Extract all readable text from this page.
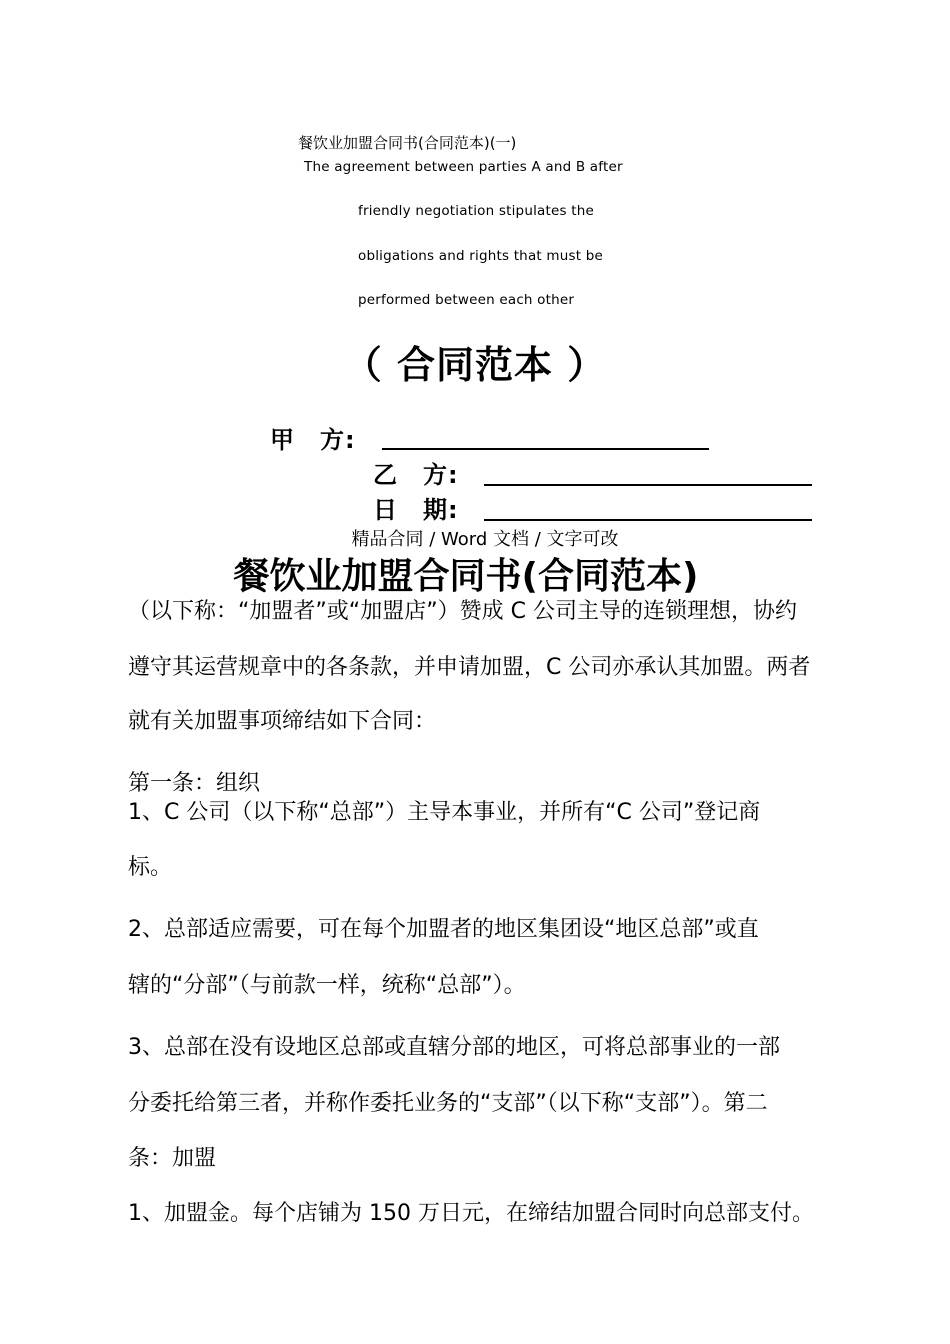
餐饮业加盟合同书(合同范本)(一)
The agreement between parties A and B after
friendly negotiation stipulates the
obligations and rights that must be
performed between each other
（ 合同范本 ）
甲　方:
乙　方:
日　期:
精品合同 / Word 文档 / 文字可改
餐饮业加盟合同书(合同范本)
（以下称：“加盟者”或“加盟店”）赞成 C 公司主导的连锁理想，协约
遵守其运营规章中的各条款，并申请加盟，C 公司亦承认其加盟。两者
就有关加盟事项缔结如下合同：
第一条：组织
1、C 公司（以下称“总部”）主导本事业，并所有“C 公司”登记商
标。
2、总部适应需要，可在每个加盟者的地区集团设“地区总部”或直
辖的“分部”（与前款一样，统称“总部”）。
3、总部在没有设地区总部或直辖分部的地区，可将总部事业的一部
分委托给第三者，并称作委托业务的“支部”（以下称“支部”）。第二
条：加盟
1、加盟金。每个店铺为 150 万日元，在缔结加盟合同时向总部支付。
